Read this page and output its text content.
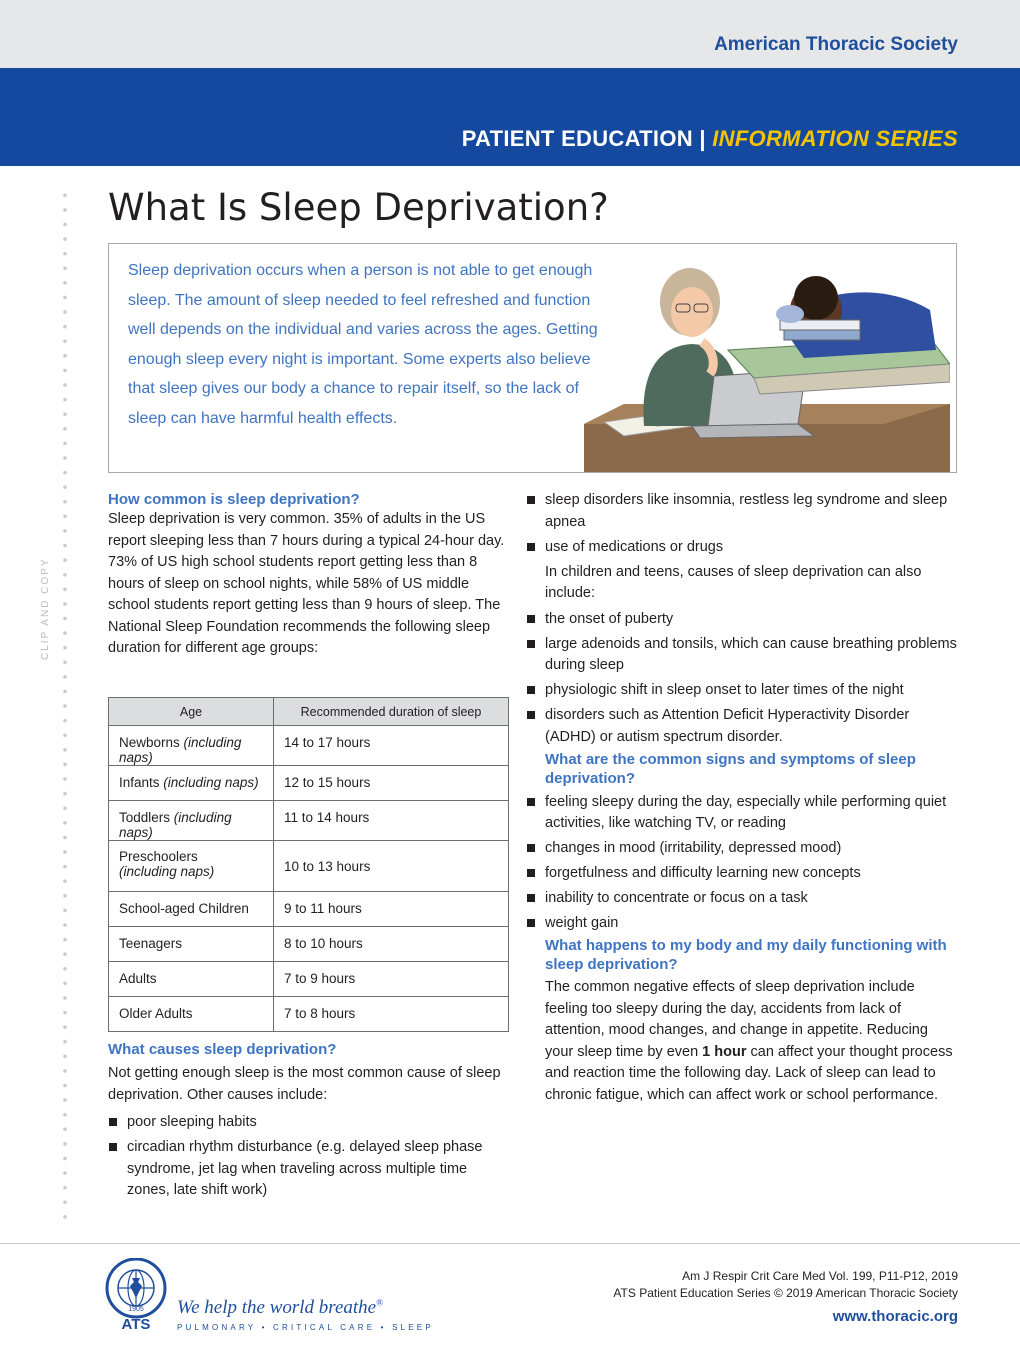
American Thoracic Society
PATIENT EDUCATION | INFORMATION SERIES
CLIP AND COPY
What Is Sleep Deprivation?
Sleep deprivation occurs when a person is not able to get enough sleep. The amount of sleep needed to feel refreshed and function well depends on the individual and varies across the ages. Getting enough sleep every night is important. Some experts also believe that sleep gives our body a chance to repair itself, so the lack of sleep can have harmful health effects.
How common is sleep deprivation?

Sleep deprivation is very common. 35% of adults in the US report sleeping less than 7 hours during a typical 24-hour day. 73% of US high school students report getting less than 8 hours of sleep on school nights, while 58% of US middle school students report getting less than 9 hours of sleep. The National Sleep Foundation recommends the following sleep duration for different age groups:

Age	Recommended duration of sleep
Newborns (including naps)	14 to 17 hours
Infants (including naps)	12 to 15 hours
Toddlers (including naps)	11 to 14 hours
Preschoolers
(including naps)	10 to 13 hours
School-aged Children	9 to 11 hours
Teenagers	8 to 10 hours
Adults	7 to 9 hours
Older Adults	7 to 8 hours
What causes sleep deprivation?

Not getting enough sleep is the most common cause of sleep deprivation. Other causes include:

poor sleeping habits
circadian rhythm disturbance (e.g. delayed sleep phase syndrome, jet lag when traveling across multiple time zones, late shift work)
sleep disorders like insomnia, restless leg syndrome and sleep apnea
use of medications or drugs

In children and teens, causes of sleep deprivation can also include:

the onset of puberty
large adenoids and tonsils, which can cause breathing problems during sleep
physiologic shift in sleep onset to later times of the night
disorders such as Attention Deficit Hyperactivity Disorder (ADHD) or autism spectrum disorder.
What are the common signs and symptoms of sleep deprivation?
feeling sleepy during the day, especially while performing quiet activities, like watching TV, or reading
changes in mood (irritability, depressed mood)
forgetfulness and difficulty learning new concepts
inability to concentrate or focus on a task
weight gain
What happens to my body and my daily functioning with sleep deprivation?

The common negative effects of sleep deprivation include feeling too sleepy during the day, accidents from lack of attention, mood changes, and change in appetite. Reducing your sleep time by even 1 hour can affect your thought process and reaction time the following day. Lack of sleep can lead to chronic fatigue, which can affect work or school performance.

1905
ATS
We help the world breathe®
PULMONARY • CRITICAL CARE • SLEEP
Am J Respir Crit Care Med Vol. 199, P11-P12, 2019
ATS Patient Education Series © 2019 American Thoracic Society
www.thoracic.org
